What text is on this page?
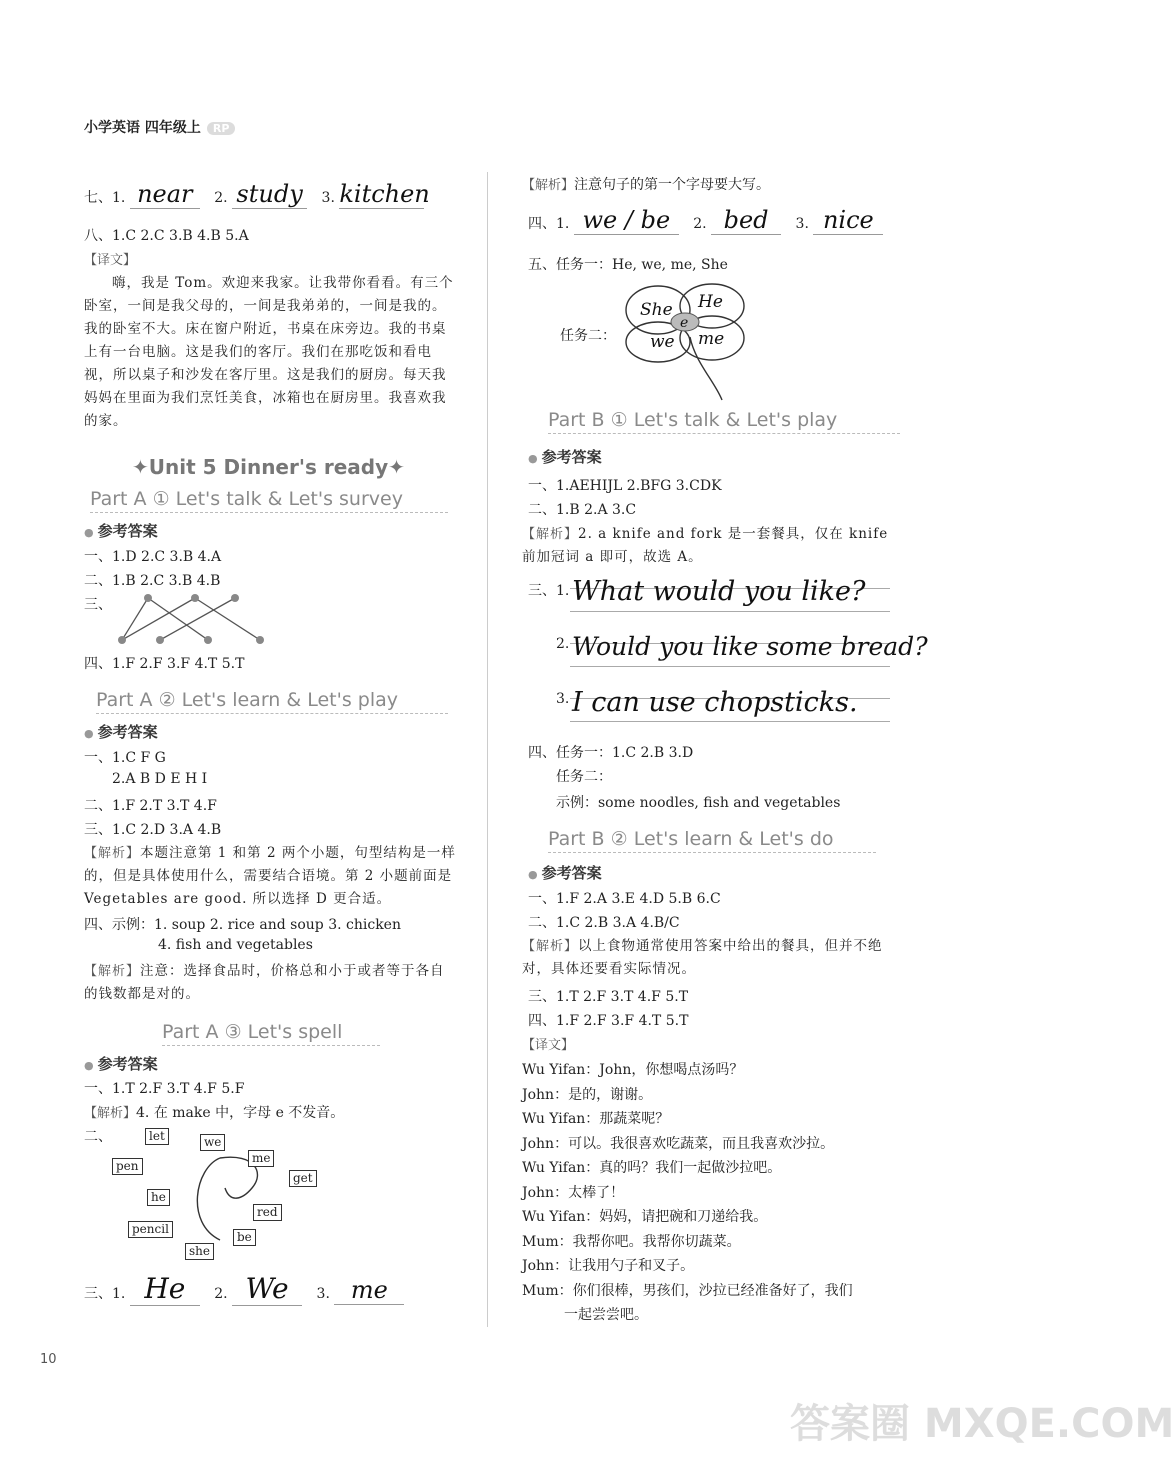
小学英语 四年级上 RP
七、1. near 2. study 3. kitchen
八、1.C 2.C 3.B 4.B 5.A
【译文】
嗨，我是 Tom。欢迎来我家。让我带你看看。有三个卧室，一间是我父母的，一间是我弟弟的，一间是我的。我的卧室不大。床在窗户附近，书桌在床旁边。我的书桌上有一台电脑。这是我们的客厅。我们在那吃饭和看电视，所以桌子和沙发在客厅里。这是我们的厨房。每天我妈妈在里面为我们烹饪美食，冰箱也在厨房里。我喜欢我的家。
✦Unit 5 Dinner's ready✦
Part A ① Let's talk & Let's survey
● 参考答案
一、1.D 2.C 3.B 4.A
二、1.B 2.C 3.B 4.B
三、
四、1.F 2.F 3.F 4.T 5.T
Part A ② Let's learn & Let's play
● 参考答案
一、1.C F G
2.A B D E H I
二、1.F 2.T 3.T 4.F
三、1.C 2.D 3.A 4.B
【解析】本题注意第 1 和第 2 两个小题，句型结构是一样的，但是具体使用什么，需要结合语境。第 2 小题前面是 Vegetables are good. 所以选择 D 更合适。
四、示例：1. soup 2. rice and soup 3. chicken
4. fish and vegetables
【解析】注意：选择食品时，价格总和小于或者等于各自的钱数都是对的。
Part A ③ Let's spell
● 参考答案
一、1.T 2.F 3.T 4.F 5.F
【解析】4. 在 make 中，字母 e 不发音。
二、	let	we
pen
me
get
he
red
pencil
be
she
三、1. He 2. We 3. me
10
【解析】注意句子的第一个字母要大写。
四、1. we / be 2. bed 3. nice
五、任务一：He, we, me, She
任务二：
She He
we me
e
Part B ① Let's talk & Let's play
● 参考答案
一、1.AEHIJL 2.BFG 3.CDK
二、1.B 2.A 3.C
【解析】2. a knife and fork 是一套餐具，仅在 knife 前加冠词 a 即可，故选 A。
三、1. What would you like?
2. Would you like some bread?
3. I can use chopsticks.
四、任务一：1.C 2.B 3.D
任务二：
示例：some noodles, fish and vegetables
Part B ② Let's learn & Let's do
● 参考答案
一、1.F 2.A 3.E 4.D 5.B 6.C
二、1.C 2.B 3.A 4.B/C
【解析】以上食物通常使用答案中给出的餐具，但并不绝对，具体还要看实际情况。
三、1.T 2.F 3.T 4.F 5.T
四、1.F 2.F 3.F 4.T 5.T
【译文】
Wu Yifan：John，你想喝点汤吗？
John：是的，谢谢。
Wu Yifan：那蔬菜呢？
John：可以。我很喜欢吃蔬菜，而且我喜欢沙拉。
Wu Yifan：真的吗？我们一起做沙拉吧。
John：太棒了！
Wu Yifan：妈妈，请把碗和刀递给我。
Mum：我帮你吧。我帮你切蔬菜。
John：让我用勺子和叉子。
Mum：你们很棒，男孩们，沙拉已经准备好了，我们
一起尝尝吧。
答案圈 MXQE.COM
